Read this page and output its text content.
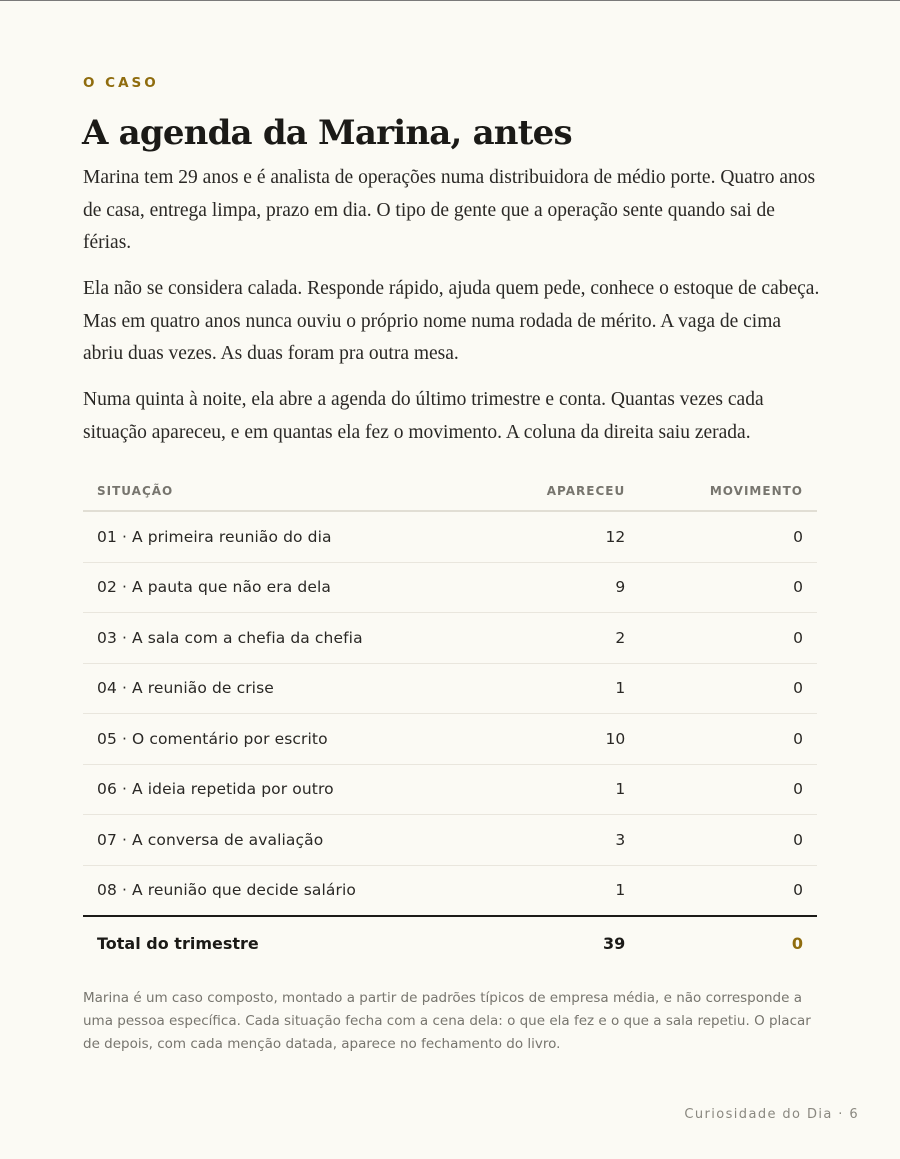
O CASO

A agenda da Marina, antes

Marina tem 29 anos e é analista de operações numa distribuidora de médio porte. Quatro anos de casa, entrega limpa, prazo em dia. O tipo de gente que a operação sente quando sai de férias.

Ela não se considera calada. Responde rápido, ajuda quem pede, conhece o estoque de cabeça. Mas em quatro anos nunca ouviu o próprio nome numa rodada de mérito. A vaga de cima abriu duas vezes. As duas foram pra outra mesa.

Numa quinta à noite, ela abre a agenda do último trimestre e conta. Quantas vezes cada situação apareceu, e em quantas ela fez o movimento. A coluna da direita saiu zerada.

SITUAÇÃO	APARECEU	MOVIMENTO
01 · A primeira reunião do dia	12	0
02 · A pauta que não era dela	9	0
03 · A sala com a chefia da chefia	2	0
04 · A reunião de crise	1	0
05 · O comentário por escrito	10	0
06 · A ideia repetida por outro	1	0
07 · A conversa de avaliação	3	0
08 · A reunião que decide salário	1	0
Total do trimestre	39	0

Marina é um caso composto, montado a partir de padrões típicos de empresa média, e não corresponde a uma pessoa específica. Cada situação fecha com a cena dela: o que ela fez e o que a sala repetiu. O placar de depois, com cada menção datada, aparece no fechamento do livro.

Curiosidade do Dia · 6
